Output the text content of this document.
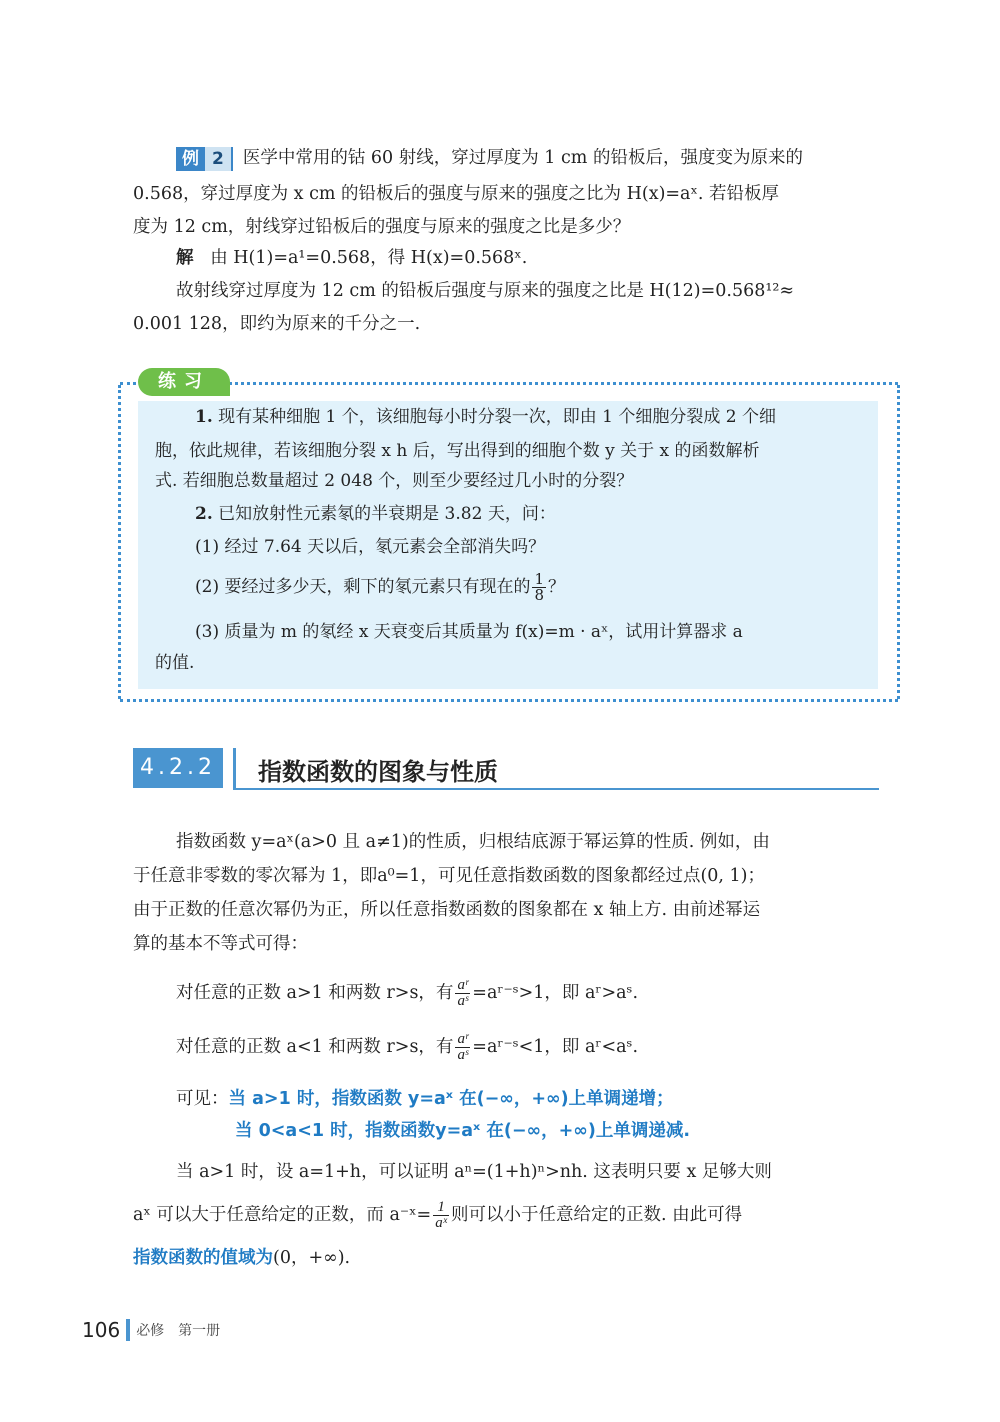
例 2 医学中常用的钴 60 射线，穿过厚度为 1 cm 的铅板后，强度变为原来的
0.568，穿过厚度为 x cm 的铅板后的强度与原来的强度之比为 H(x)=aˣ. 若铅板厚
度为 12 cm，射线穿过铅板后的强度与原来的强度之比是多少？
解 由 H(1)=a¹=0.568，得 H(x)=0.568ˣ.
故射线穿过厚度为 12 cm 的铅板后强度与原来的强度之比是 H(12)=0.568¹²≈
0.001 128，即约为原来的千分之一.
练习
1. 现有某种细胞 1 个，该细胞每小时分裂一次，即由 1 个细胞分裂成 2 个细
胞，依此规律，若该细胞分裂 x h 后，写出得到的细胞个数 y 关于 x 的函数解析
式. 若细胞总数量超过 2 048 个，则至少要经过几小时的分裂？
2. 已知放射性元素氡的半衰期是 3.82 天，问：
(1) 经过 7.64 天以后，氡元素会全部消失吗？
(2) 要经过多少天，剩下的氡元素只有现在的 $\frac{1}{8}$ ？
(3) 质量为 m 的氡经 x 天衰变后其质量为 f(x)=m · aˣ，试用计算器求 a
的值.
4.2.2 指数函数的图象与性质
指数函数 y=aˣ(a>0 且 a≠1)的性质，归根结底源于幂运算的性质. 例如，由
于任意非零数的零次幂为 1，即a⁰=1，可见任意指数函数的图象都经过点(0, 1)；
由于正数的任意次幂仍为正，所以任意指数函数的图象都在 x 轴上方. 由前述幂运
算的基本不等式可得：
对任意的正数 a>1 和两数 r>s，有 $\frac{\text{aʳ}}{\text{aˢ}}$ =aʳ⁻ˢ>1，即 aʳ>aˢ.
对任意的正数 a<1 和两数 r>s，有 $\frac{\text{aʳ}}{\text{aˢ}}$ =aʳ⁻ˢ<1，即 aʳ<aˢ.
可见：当 a>1 时，指数函数 y=aˣ 在(−∞，+∞)上单调递增；
当 0<a<1 时，指数函数y=aˣ 在(−∞，+∞)上单调递减.
当 a>1 时，设 a=1+h，可以证明 aⁿ=(1+h)ⁿ>nh. 这表明只要 x 足够大则
aˣ 可以大于任意给定的正数，而 a⁻ˣ= $\frac{1}{\text{aˣ}}$ 则可以小于任意给定的正数. 由此可得
指数函数的值域为(0，+∞).
106 必修　第一册
